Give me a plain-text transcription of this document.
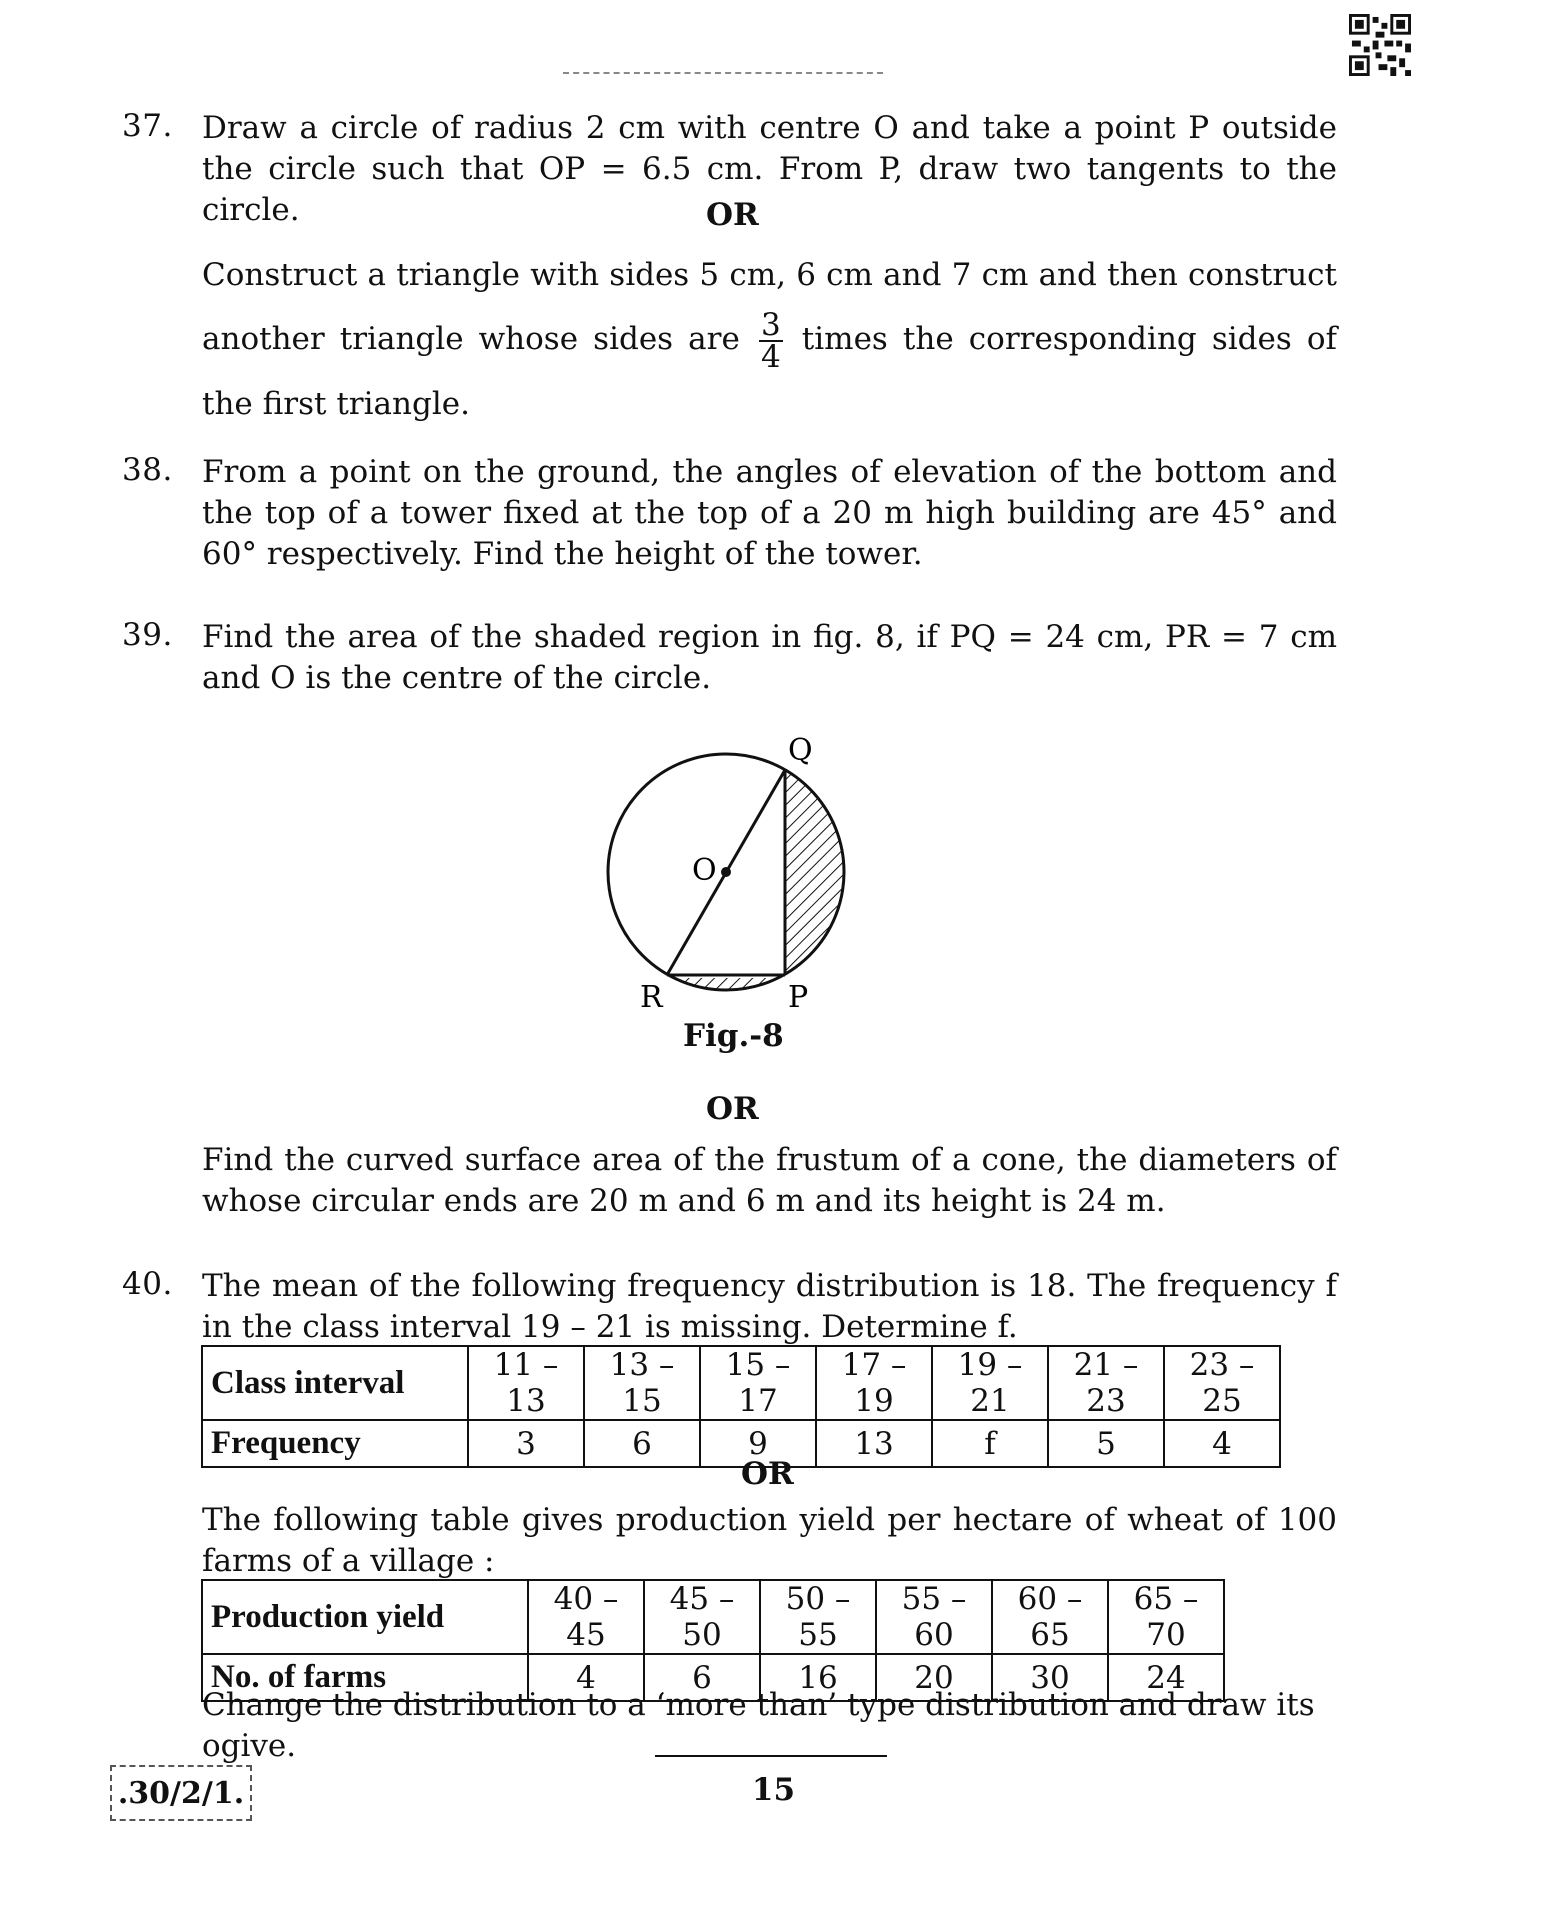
37. Draw a circle of radius 2 cm with centre O and take a point P outside the circle such that OP = 6.5 cm. From P, draw two tangents to the circle.	OR
Construct a triangle with sides 5 cm, 6 cm and 7 cm and then construct another triangle whose sides are $\frac{3}{4}$ times the corresponding sides of the first triangle.
38. From a point on the ground, the angles of elevation of the bottom and the top of a tower fixed at the top of a 20 m high building are 45° and 60° respectively. Find the height of the tower.
39. Find the area of the shaded region in fig. 8, if PQ = 24 cm, PR = 7 cm and O is the centre of the circle.
Q
O
R	P
Fig.-8
OR
Find the curved surface area of the frustum of a cone, the diameters of whose circular ends are 20 m and 6 m and its height is 24 m.
40. The mean of the following frequency distribution is 18. The frequency f in the class interval 19 – 21 is missing. Determine f.
Class interval	11 – 13	13 – 15	15 – 17	17 – 19	19 – 21	21 – 23	23 – 25
Frequency	3	6	9	13	f	5	4
OR
The following table gives production yield per hectare of wheat of 100 farms of a village :
Production yield	40 – 45	45 – 50	50 – 55	55 – 60	60 – 65	65 – 70
No. of farms	4	6	16	20	30	24
Change the distribution to a ‘more than’ type distribution and draw its ogive.
.30/2/1.	15
